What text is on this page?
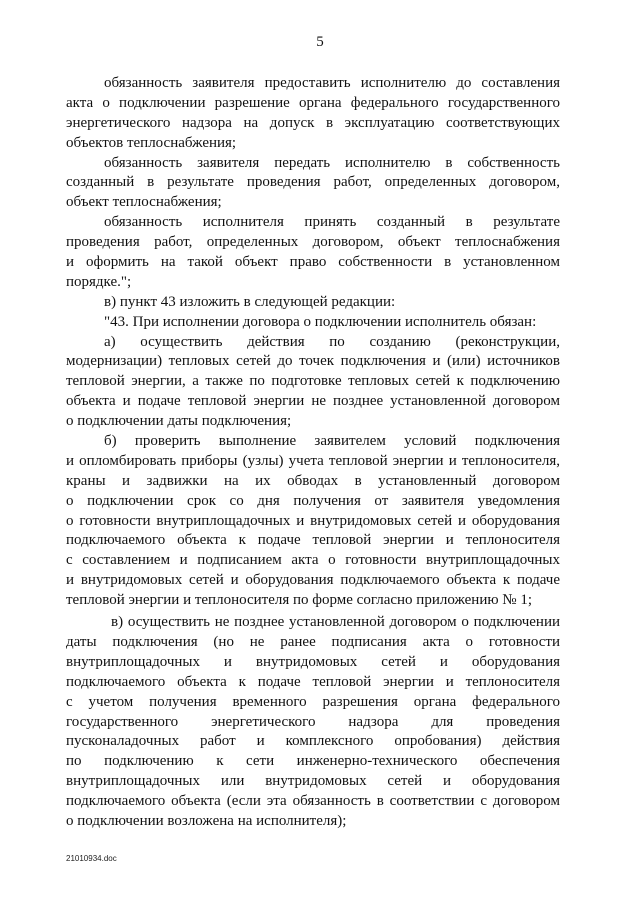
5
обязанность заявителя предоставить исполнителю до составления
акта о подключении разрешение органа федерального государственного
энергетического надзора на допуск в эксплуатацию соответствующих
объектов теплоснабжения;
обязанность заявителя передать исполнителю в собственность
созданный в результате проведения работ, определенных договором,
объект теплоснабжения;
обязанность исполнителя принять созданный в результате
проведения работ, определенных договором, объект теплоснабжения
и оформить на такой объект право собственности в установленном
порядке.";
в) пункт 43 изложить в следующей редакции:
"43. При исполнении договора о подключении исполнитель обязан:
а) осуществить действия по созданию (реконструкции,
модернизации) тепловых сетей до точек подключения и (или) источников
тепловой энергии, а также по подготовке тепловых сетей к подключению
объекта и подаче тепловой энергии не позднее установленной договором
о подключении даты подключения;
б) проверить выполнение заявителем условий подключения
и опломбировать приборы (узлы) учета тепловой энергии и теплоносителя,
краны и задвижки на их обводах в установленный договором
о подключении срок со дня получения от заявителя уведомления
о готовности внутриплощадочных и внутридомовых сетей и оборудования
подключаемого объекта к подаче тепловой энергии и теплоносителя
с составлением и подписанием акта о готовности внутриплощадочных
и внутридомовых сетей и оборудования подключаемого объекта к подаче
тепловой энергии и теплоносителя по форме согласно приложению № 1;
в) осуществить не позднее установленной договором о подключении
даты подключения (но не ранее подписания акта о готовности
внутриплощадочных и внутридомовых сетей и оборудования
подключаемого объекта к подаче тепловой энергии и теплоносителя
с учетом получения временного разрешения органа федерального
государственного энергетического надзора для проведения
пусконаладочных работ и комплексного опробования) действия
по подключению к сети инженерно-технического обеспечения
внутриплощадочных или внутридомовых сетей и оборудования
подключаемого объекта (если эта обязанность в соответствии с договором
о подключении возложена на исполнителя);
21010934.doc
